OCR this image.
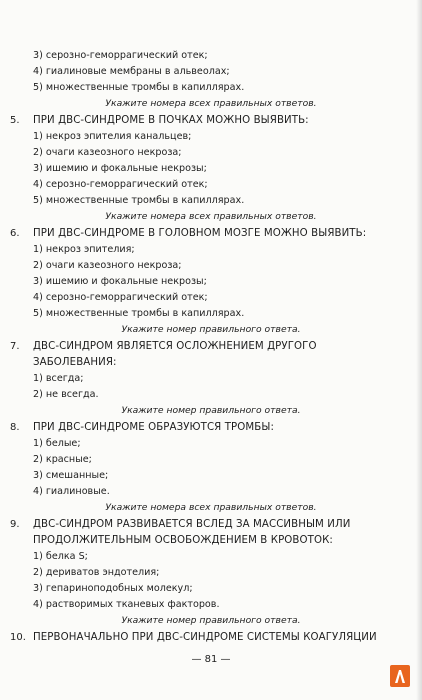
3) серозно-геморрагический отек;
4) гиалиновые мембраны в альвеолах;
5) множественные тромбы в капиллярах.
Укажите номера всех правильных ответов.
5. ПРИ ДВС-СИНДРОМЕ В ПОЧКАХ МОЖНО ВЫЯВИТЬ:
1) некроз эпителия канальцев;
2) очаги казеозного некроза;
3) ишемию и фокальные некрозы;
4) серозно-геморрагический отек;
5) множественные тромбы в капиллярах.
Укажите номера всех правильных ответов.
6. ПРИ ДВС-СИНДРОМЕ В ГОЛОВНОМ МОЗГЕ МОЖНО ВЫЯВИТЬ:
1) некроз эпителия;
2) очаги казеозного некроза;
3) ишемию и фокальные некрозы;
4) серозно-геморрагический отек;
5) множественные тромбы в капиллярах.
Укажите номер правильного ответа.
7. ДВС-СИНДРОМ ЯВЛЯЕТСЯ ОСЛОЖНЕНИЕМ ДРУГОГО
ЗАБОЛЕВАНИЯ:
1) всегда;
2) не всегда.
Укажите номер правильного ответа.
8. ПРИ ДВС-СИНДРОМЕ ОБРАЗУЮТСЯ ТРОМБЫ:
1) белые;
2) красные;
3) смешанные;
4) гиалиновые.
Укажите номера всех правильных ответов.
9. ДВС-СИНДРОМ РАЗВИВАЕТСЯ ВСЛЕД ЗА МАССИВНЫМ ИЛИ
ПРОДОЛЖИТЕЛЬНЫМ ОСВОБОЖДЕНИЕМ В КРОВОТОК:
1) белка S;
2) дериватов эндотелия;
3) гепариноподобных молекул;
4) растворимых тканевых факторов.
Укажите номер правильного ответа.
10. ПЕРВОНАЧАЛЬНО ПРИ ДВС-СИНДРОМЕ СИСТЕМЫ КОАГУЛЯЦИИ
— 81 —
